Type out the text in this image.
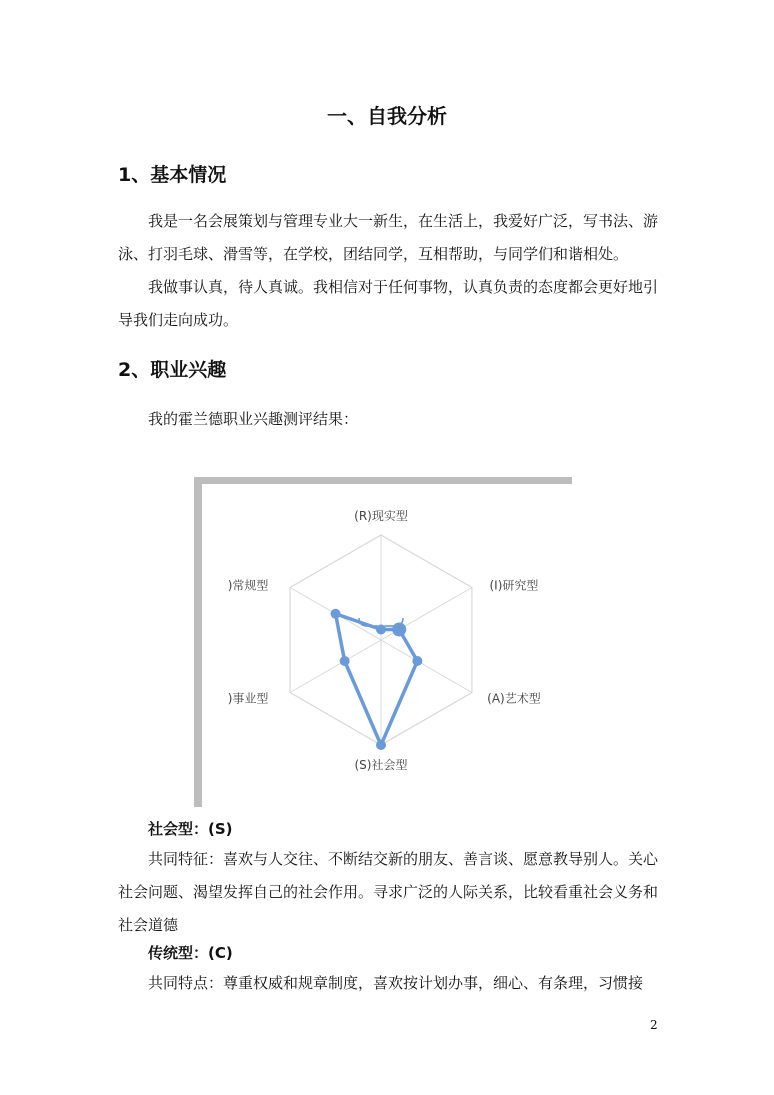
一、自我分析
1、基本情况
我是一名会展策划与管理专业大一新生，在生活上，我爱好广泛，写书法、游泳、打羽毛球、滑雪等，在学校，团结同学，互相帮助，与同学们和谐相处。
我做事认真，待人真诚。我相信对于任何事物，认真负责的态度都会更好地引导我们走向成功。
2、职业兴趣
我的霍兰德职业兴趣测评结果：
(R)现实型
(I)研究型
(A)艺术型
(S)社会型
)事业型
)常规型
社会型：(S)
共同特征：喜欢与人交往、不断结交新的朋友、善言谈、愿意教导别人。关心社会问题、渴望发挥自己的社会作用。寻求广泛的人际关系，比较看重社会义务和社会道德
传统型：(C)
共同特点：尊重权威和规章制度，喜欢按计划办事，细心、有条理，习惯接
2
